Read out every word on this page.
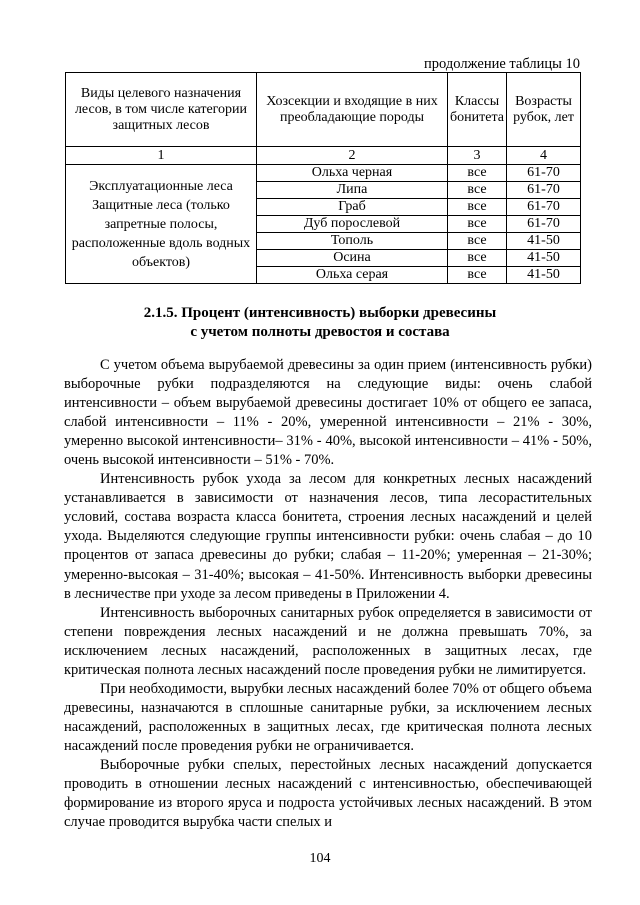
продолжение таблицы 10
Виды целевого назначения лесов, в том числе категории защитных лесов	Хозсекции и входящие в них преобладающие породы	Классы бонитета	Возрасты рубок, лет
1	2	3	4
Эксплуатационные леса Защитные леса (только запретные полосы, расположенные вдоль водных объектов)	Ольха черная	все	61-70
	Липа	все	61-70
	Граб	все	61-70
	Дуб порослевой	все	61-70
	Тополь	все	41-50
	Осина	все	41-50
	Ольха серая	все	41-50
2.1.5. Процент (интенсивность) выборки древесины
с учетом полноты древостоя и состава

С учетом объема вырубаемой древесины за один прием (интенсивность рубки) выборочные рубки подразделяются на следующие виды: очень слабой интенсивности – объем вырубаемой древесины достигает 10% от общего ее запаса, слабой интенсивности – 11% - 20%, умеренной интенсивности – 21% - 30%, умеренно высокой интенсивности– 31% - 40%, высокой интенсивности – 41% - 50%, очень высокой интенсивности – 51% - 70%.

Интенсивность рубок ухода за лесом для конкретных лесных насаждений устанавливается в зависимости от назначения лесов, типа лесорастительных условий, состава возраста класса бонитета, строения лесных насаждений и целей ухода. Выделяются следующие группы интенсивности рубки: очень слабая – до 10 процентов от запаса древесины до рубки; слабая – 11-20%; умеренная – 21-30%; умеренно-высокая – 31-40%; высокая – 41-50%. Интенсивность выборки древесины в лесничестве при уходе за лесом приведены в Приложении 4.

Интенсивность выборочных санитарных рубок определяется в зависимости от степени повреждения лесных насаждений и не должна превышать 70%, за исключением лесных насаждений, расположенных в защитных лесах, где критическая полнота лесных насаждений после проведения рубки не лимитируется.

При необходимости, вырубки лесных насаждений более 70% от общего объема древесины, назначаются в сплошные санитарные рубки, за исключением лесных насаждений, расположенных в защитных лесах, где критическая полнота лесных насаждений после проведения рубки не ограничивается.

Выборочные рубки спелых, перестойных лесных насаждений допускается проводить в отношении лесных насаждений с интенсивностью, обеспечивающей формирование из второго яруса и подроста устойчивых лесных насаждений. В этом случае проводится вырубка части спелых и

104
